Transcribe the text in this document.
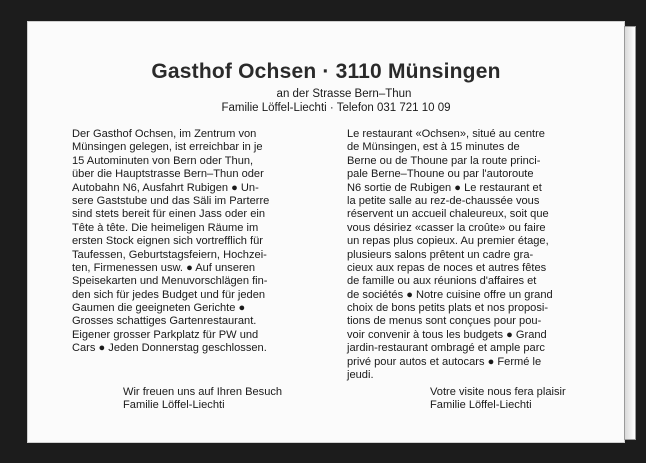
Gasthof Ochsen · 3110 Münsingen
an der Strasse Bern–Thun
Familie Löffel-Liechti · Telefon 031 721 10 09
Der Gasthof Ochsen, im Zentrum von
Münsingen gelegen, ist erreichbar in je
15 Autominuten von Bern oder Thun,
über die Hauptstrasse Bern–Thun oder
Autobahn N6, Ausfahrt Rubigen ● Un-
sere Gaststube und das Säli im Parterre
sind stets bereit für einen Jass oder ein
Tête à tête. Die heimeligen Räume im
ersten Stock eignen sich vortrefflich für
Taufessen, Geburtstagsfeiern, Hochzei-
ten, Firmenessen usw. ● Auf unseren
Speisekarten und Menuvorschlägen fin-
den sich für jedes Budget und für jeden
Gaumen die geeigneten Gerichte ●
Grosses schattiges Gartenrestaurant.
Eigener grosser Parkplatz für PW und
Cars ● Jeden Donnerstag geschlossen.
Le restaurant «Ochsen», situé au centre
de Münsingen, est à 15 minutes de
Berne ou de Thoune par la route princi-
pale Berne–Thoune ou par l'autoroute
N6 sortie de Rubigen ● Le restaurant et
la petite salle au rez-de-chaussée vous
réservent un accueil chaleureux, soit que
vous désiriez «casser la croûte» ou faire
un repas plus copieux. Au premier étage,
plusieurs salons prêtent un cadre gra-
cieux aux repas de noces et autres fêtes
de famille ou aux réunions d'affaires et
de sociétés ● Notre cuisine offre un grand
choix de bons petits plats et nos proposi-
tions de menus sont conçues pour pou-
voir convenir à tous les budgets ● Grand
jardin-restaurant ombragé et ample parc
privé pour autos et autocars ● Fermé le
jeudi.
Wir freuen uns auf Ihren Besuch
Familie Löffel-Liechti
Votre visite nous fera plaisir
Familie Löffel-Liechti
